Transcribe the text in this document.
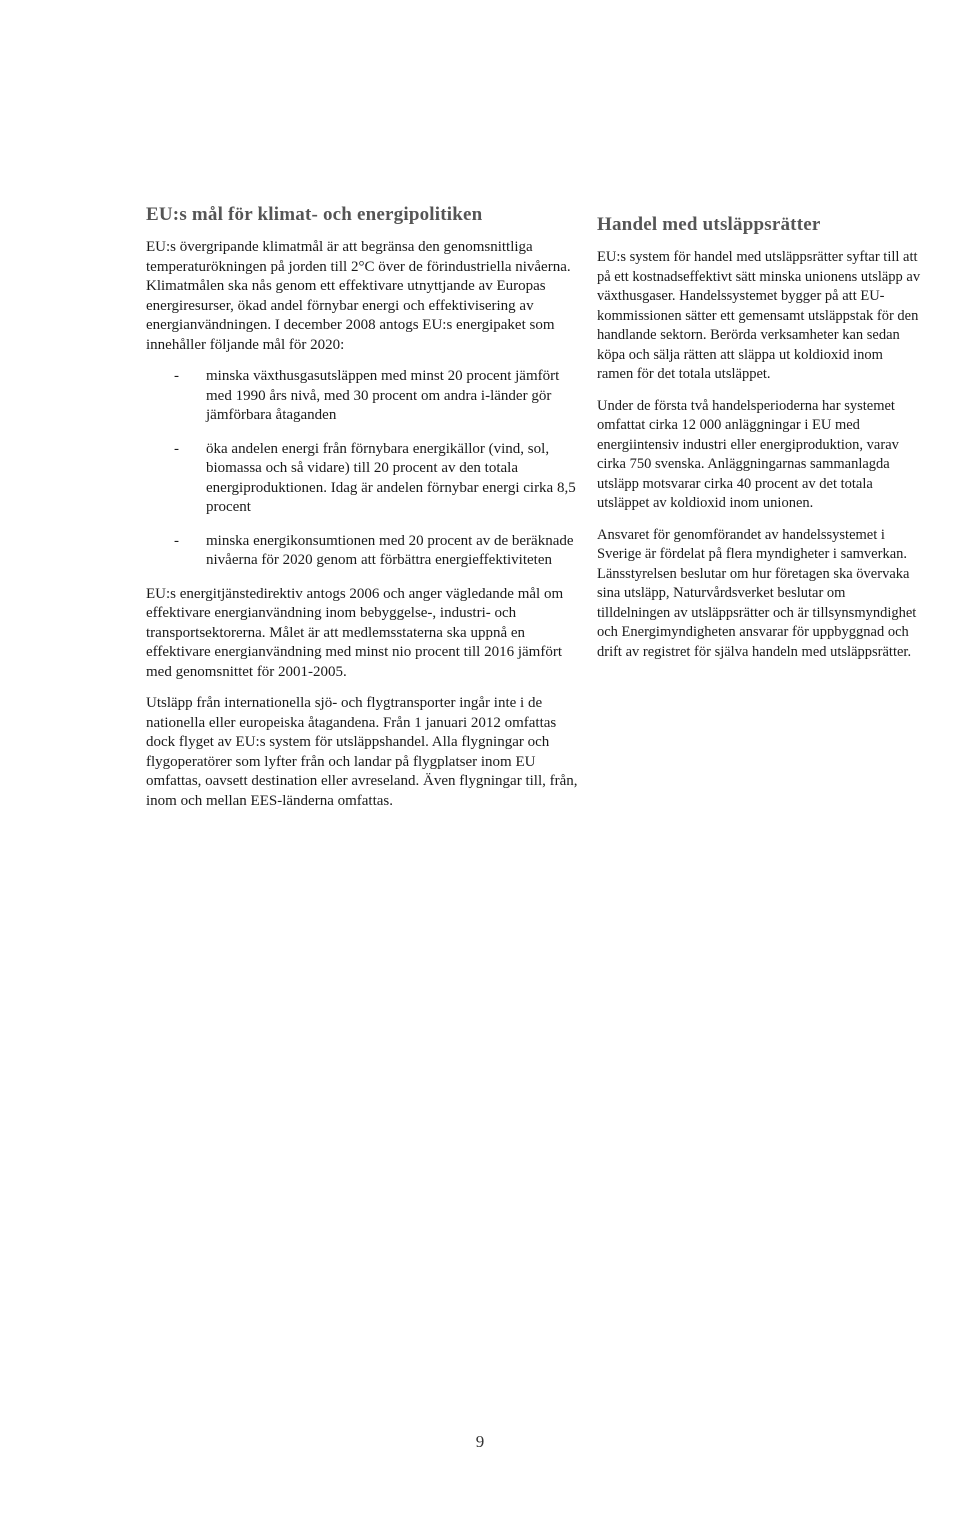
EU:s mål för klimat- och energipolitiken

EU:s övergripande klimatmål är att begränsa den genomsnittliga temperaturökningen på jorden till 2°C över de förindustriella nivåerna. Klimatmålen ska nås genom ett effektivare utnyttjande av Europas energiresurser, ökad andel förnybar energi och effektivisering av energianvändningen. I december 2008 antogs EU:s energipaket som innehåller följande mål för 2020:

- minska växthusgasutsläppen med minst 20 procent jämfört med 1990 års nivå, med 30 procent om andra i-länder gör jämförbara åtaganden
- öka andelen energi från förnybara energikällor (vind, sol, biomassa och så vidare) till 20 procent av den totala energiproduktionen. Idag är andelen förnybar energi cirka 8,5 procent
- minska energikonsumtionen med 20 procent av de beräknade nivåerna för 2020 genom att förbättra energieffektiviteten

EU:s energitjänstedirektiv antogs 2006 och anger vägledande mål om effektivare energianvändning inom bebyggelse-, industri- och transportsektorerna. Målet är att medlemsstaterna ska uppnå en effektivare energianvändning med minst nio procent till 2016 jämfört med genomsnittet för 2001-2005.

Utsläpp från internationella sjö- och flygtransporter ingår inte i de nationella eller europeiska åtagandena. Från 1 januari 2012 omfattas dock flyget av EU:s system för utsläppshandel. Alla flygningar och flygoperatörer som lyfter från och landar på flygplatser inom EU omfattas, oavsett destination eller avreseland. Även flygningar till, från, inom och mellan EES-länderna omfattas.

Handel med utsläppsrätter

EU:s system för handel med utsläppsrätter syftar till att på ett kostnadseffektivt sätt minska unionens utsläpp av växthusgaser. Handelssystemet bygger på att EU-kommissionen sätter ett gemensamt utsläppstak för den handlande sektorn. Berörda verksamheter kan sedan köpa och sälja rätten att släppa ut koldioxid inom ramen för det totala utsläppet.

Under de första två handelsperioderna har systemet omfattat cirka 12 000 anläggningar i EU med energiintensiv industri eller energiproduktion, varav cirka 750 svenska. Anläggningarnas sammanlagda utsläpp motsvarar cirka 40 procent av det totala utsläppet av koldioxid inom unionen.

Ansvaret för genomförandet av handelssystemet i Sverige är fördelat på flera myndigheter i samverkan. Länsstyrelsen beslutar om hur företagen ska övervaka sina utsläpp, Naturvårdsverket beslutar om tilldelningen av utsläppsrätter och är tillsynsmyndighet och Energimyndigheten ansvarar för uppbyggnad och drift av registret för själva handeln med utsläppsrätter.

9
